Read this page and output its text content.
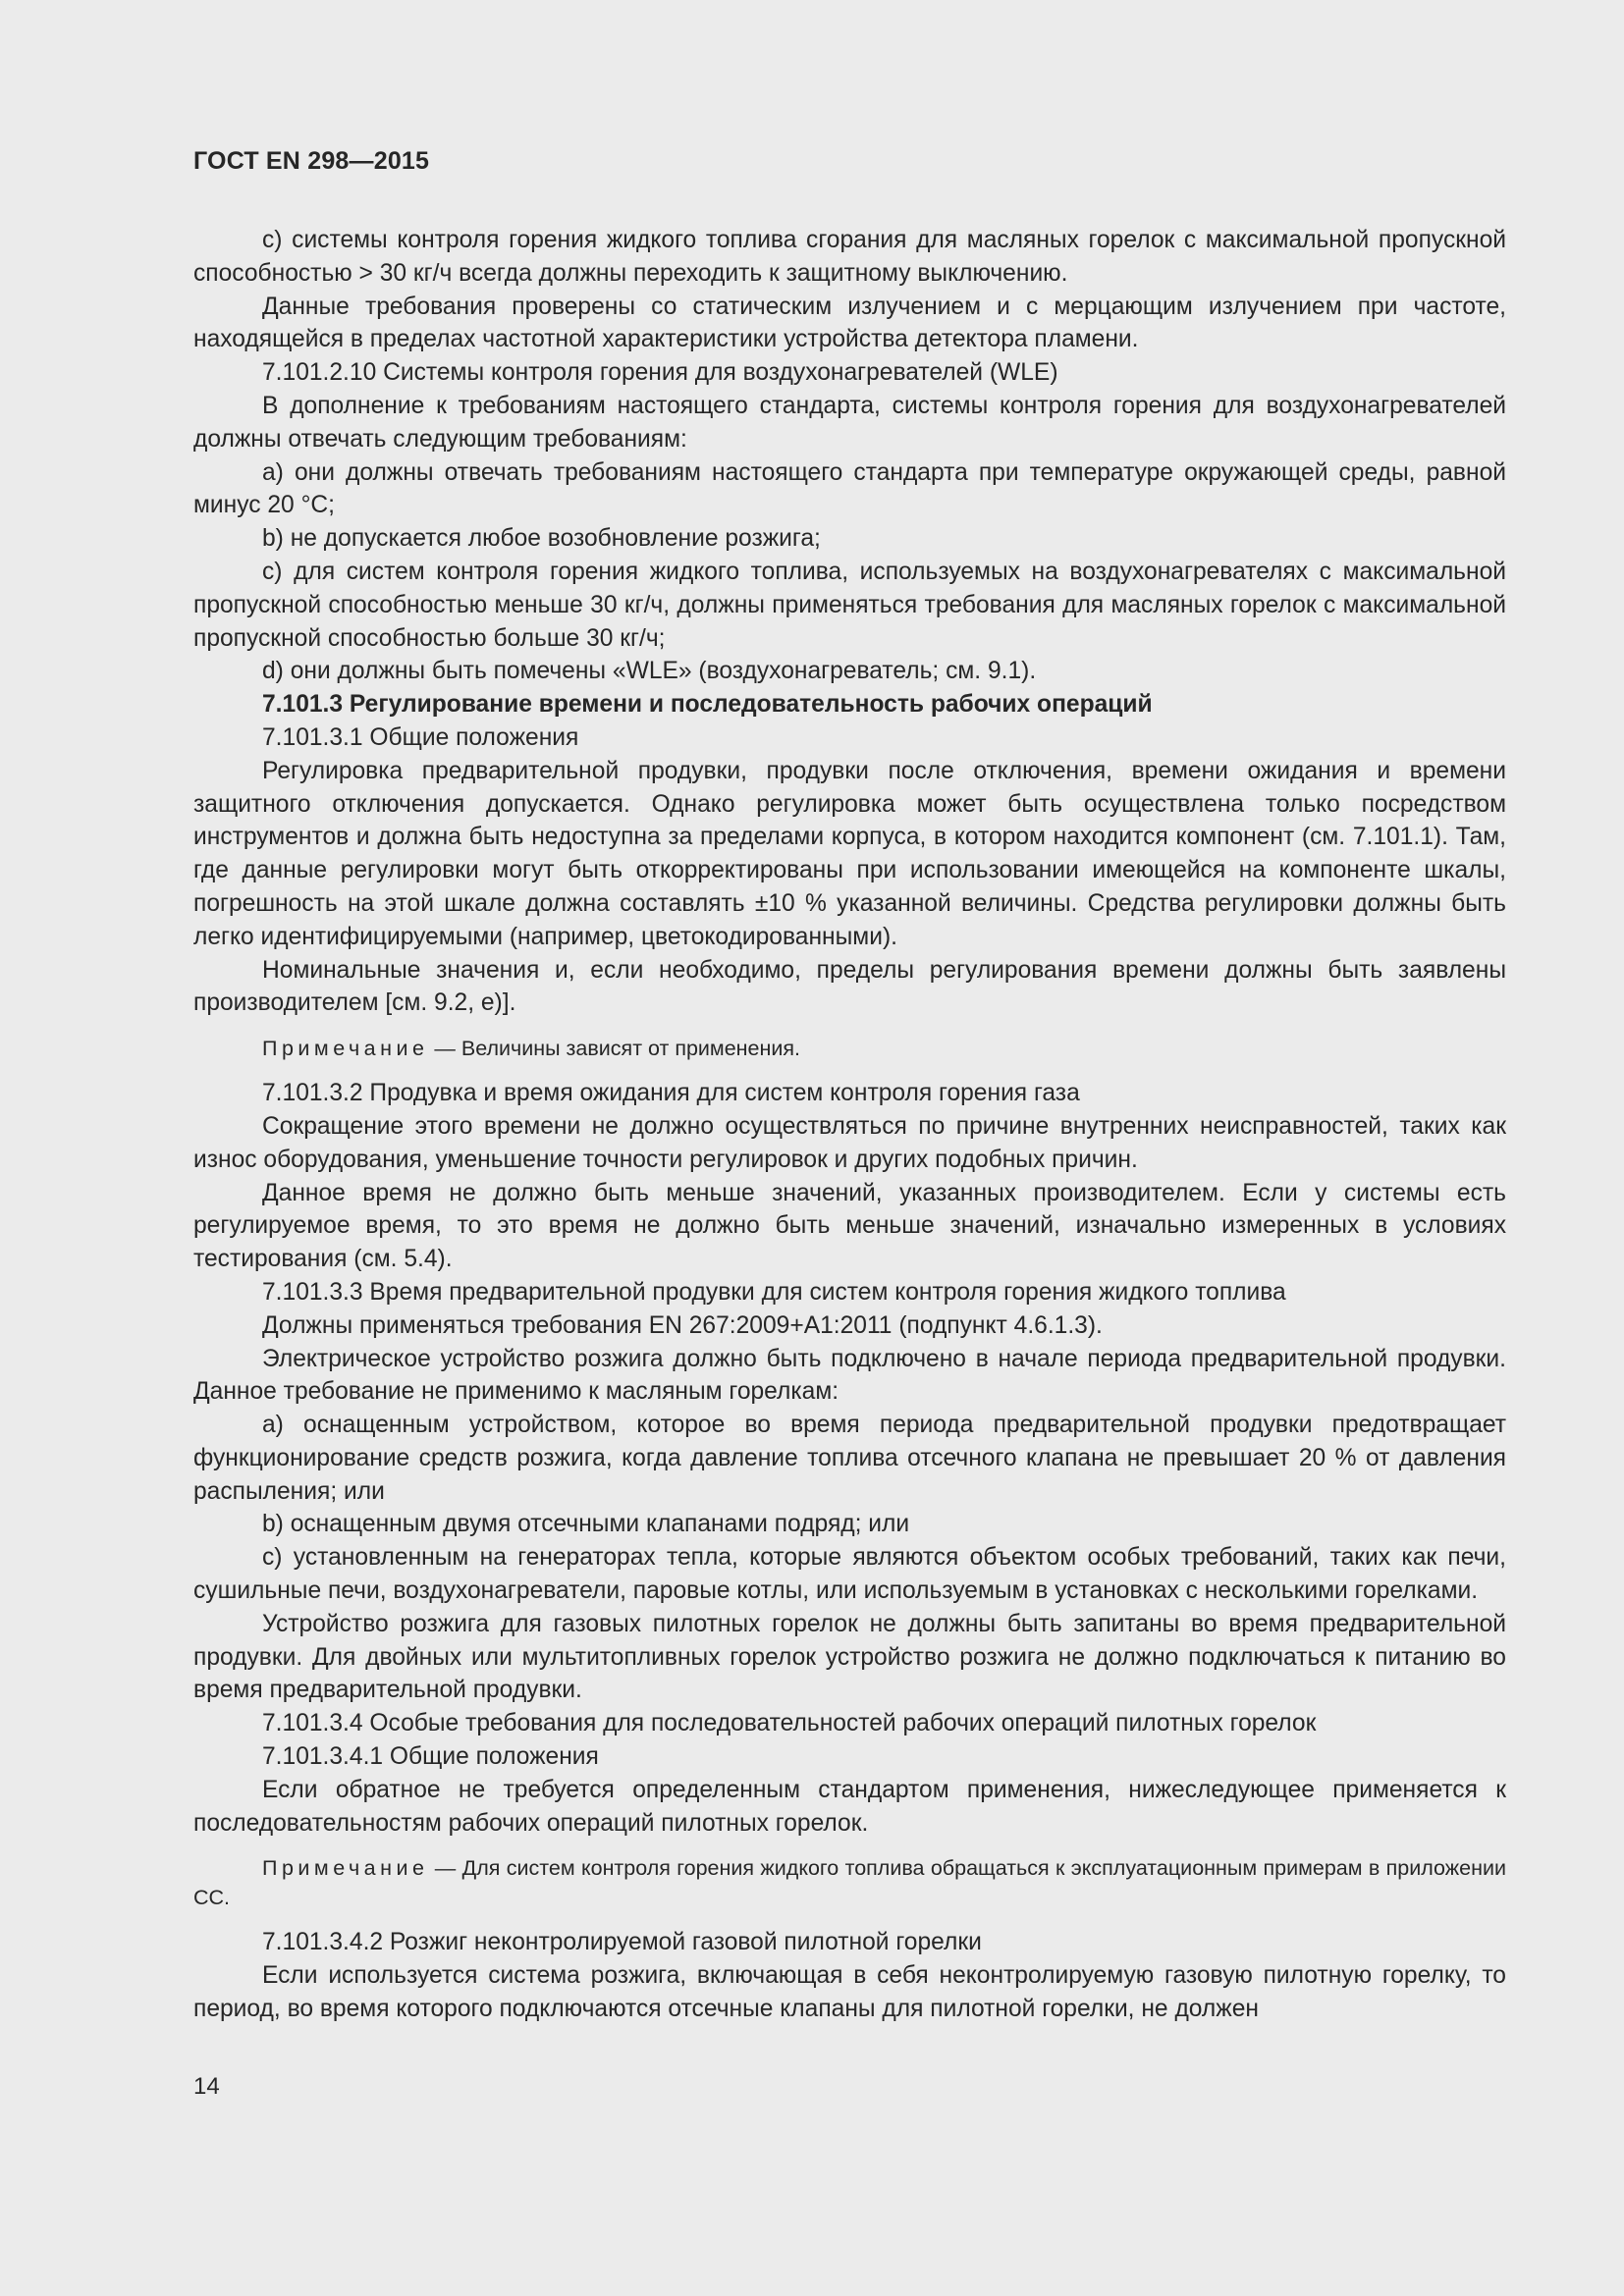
ГОСТ EN 298—2015

с) системы контроля горения жидкого топлива сгорания для масляных горелок с максимальной пропускной способностью > 30 кг/ч всегда должны переходить к защитному выключению.

Данные требования проверены со статическим излучением и с мерцающим излучением при частоте, находящейся в пределах частотной характеристики устройства детектора пламени.

7.101.2.10 Системы контроля горения для воздухонагревателей (WLE)

В дополнение к требованиям настоящего стандарта, системы контроля горения для воздухонагревателей должны отвечать следующим требованиям:

а) они должны отвечать требованиям настоящего стандарта при температуре окружающей среды, равной минус 20 °С;

b) не допускается любое возобновление розжига;

с) для систем контроля горения жидкого топлива, используемых на воздухонагревателях с максимальной пропускной способностью меньше 30 кг/ч, должны применяться требования для масляных горелок с максимальной пропускной способностью больше 30 кг/ч;

d) они должны быть помечены «WLE» (воздухонагреватель; см. 9.1).

7.101.3 Регулирование времени и последовательность рабочих операций

7.101.3.1 Общие положения

Регулировка предварительной продувки, продувки после отключения, времени ожидания и времени защитного отключения допускается. Однако регулировка может быть осуществлена только посредством инструментов и должна быть недоступна за пределами корпуса, в котором находится компонент (см. 7.101.1). Там, где данные регулировки могут быть откорректированы при использовании имеющейся на компоненте шкалы, погрешность на этой шкале должна составлять ±10 % указанной величины. Средства регулировки должны быть легко идентифицируемыми (например, цветокодированными).

Номинальные значения и, если необходимо, пределы регулирования времени должны быть заявлены производителем [см. 9.2, е)].

Примечание — Величины зависят от применения.

7.101.3.2 Продувка и время ожидания для систем контроля горения газа

Сокращение этого времени не должно осуществляться по причине внутренних неисправностей, таких как износ оборудования, уменьшение точности регулировок и других подобных причин.

Данное время не должно быть меньше значений, указанных производителем. Если у системы есть регулируемое время, то это время не должно быть меньше значений, изначально измеренных в условиях тестирования (см. 5.4).

7.101.3.3 Время предварительной продувки для систем контроля горения жидкого топлива

Должны применяться требования EN 267:2009+A1:2011 (подпункт 4.6.1.3).

Электрическое устройство розжига должно быть подключено в начале периода предварительной продувки. Данное требование не применимо к масляным горелкам:

а) оснащенным устройством, которое во время периода предварительной продувки предотвращает функционирование средств розжига, когда давление топлива отсечного клапана не превышает 20 % от давления распыления; или

b) оснащенным двумя отсечными клапанами подряд; или

с) установленным на генераторах тепла, которые являются объектом особых требований, таких как печи, сушильные печи, воздухонагреватели, паровые котлы, или используемым в установках с несколькими горелками.

Устройство розжига для газовых пилотных горелок не должны быть запитаны во время предварительной продувки. Для двойных или мультитопливных горелок устройство розжига не должно подключаться к питанию во время предварительной продувки.

7.101.3.4 Особые требования для последовательностей рабочих операций пилотных горелок

7.101.3.4.1 Общие положения

Если обратное не требуется определенным стандартом применения, нижеследующее применяется к последовательностям рабочих операций пилотных горелок.

Примечание — Для систем контроля горения жидкого топлива обращаться к эксплуатационным примерам в приложении СС.

7.101.3.4.2 Розжиг неконтролируемой газовой пилотной горелки

Если используется система розжига, включающая в себя неконтролируемую газовую пилотную горелку, то период, во время которого подключаются отсечные клапаны для пилотной горелки, не должен

14
